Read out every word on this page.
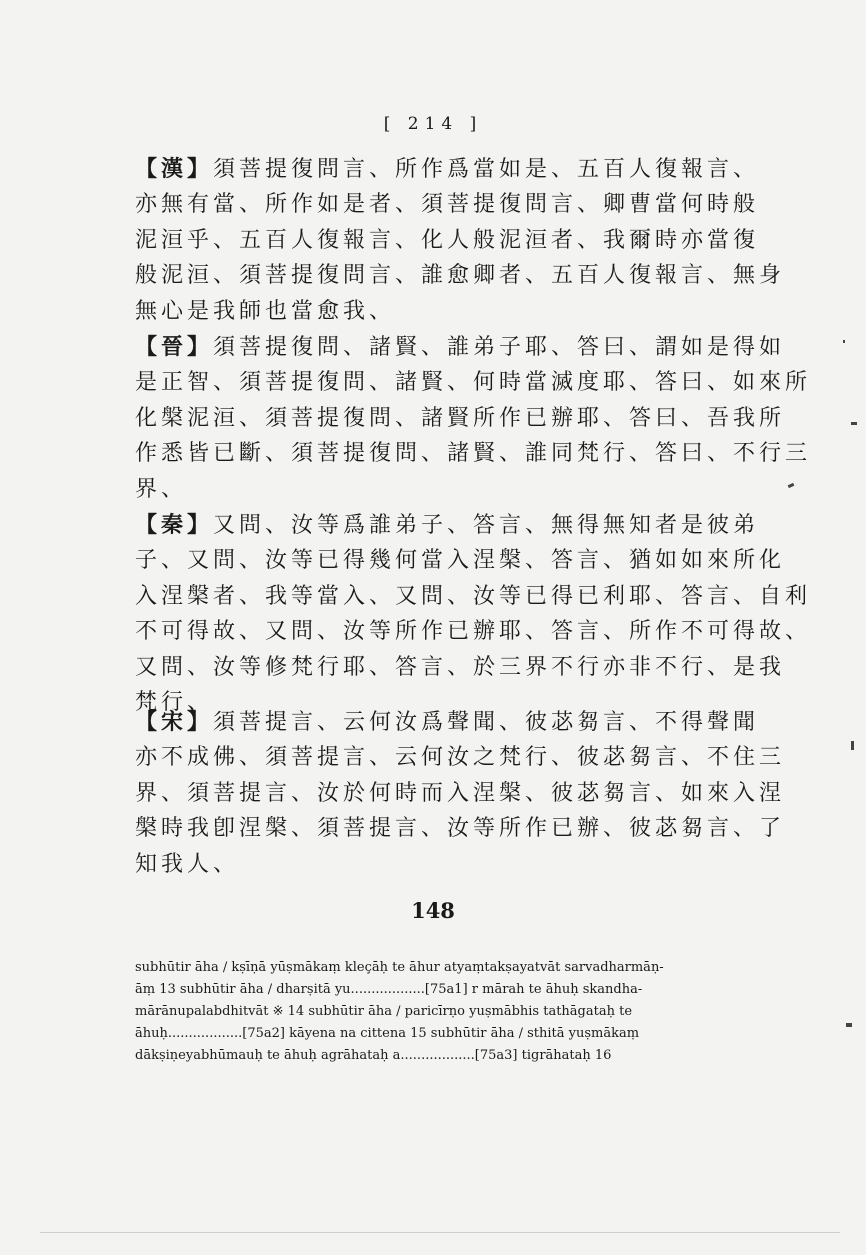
[ 214 ]
【漢】須菩提復問言、所作爲當如是、五百人復報言、
亦無有當、所作如是者、須菩提復問言、卿曹當何時般
泥洹乎、五百人復報言、化人般泥洹者、我爾時亦當復
般泥洹、須菩提復問言、誰愈卿者、五百人復報言、無身
無心是我師也當愈我、
【晉】須菩提復問、諸賢、誰弟子耶、答曰、謂如是得如
是正智、須菩提復問、諸賢、何時當滅度耶、答曰、如來所
化槃泥洹、須菩提復問、諸賢所作已辦耶、答曰、吾我所
作悉皆已斷、須菩提復問、諸賢、誰同梵行、答曰、不行三
界、
【秦】又問、汝等爲誰弟子、答言、無得無知者是彼弟
子、又問、汝等已得幾何當入涅槃、答言、猶如如來所化
入涅槃者、我等當入、又問、汝等已得已利耶、答言、自利
不可得故、又問、汝等所作已辦耶、答言、所作不可得故、
又問、汝等修梵行耶、答言、於三界不行亦非不行、是我
梵行、
【宋】須菩提言、云何汝爲聲聞、彼苾芻言、不得聲聞
亦不成佛、須菩提言、云何汝之梵行、彼苾芻言、不住三
界、須菩提言、汝於何時而入涅槃、彼苾芻言、如來入涅
槃時我卽涅槃、須菩提言、汝等所作已辦、彼苾芻言、了
知我人、
148
subhūtir āha / kṣīṇā yūṣmākaṃ kleçāḥ te āhur atyaṃtakṣayatvāt sarvadharmāṇ-
āṃ 13 subhūtir āha / dharṣitā yu..................[75a1] r mārah te āhuḥ skandha-
mārānupalabdhitvāt ※ 14 subhūtir āha / paricīrṇo yuṣmābhis tathāgataḥ te
āhuḥ..................[75a2] kāyena na cittena 15 subhūtir āha / sthitā yuṣmākaṃ
dākṣiṇeyabhūmauḥ te āhuḥ agrāhataḥ a..................[75a3] tigrāhataḥ 16
